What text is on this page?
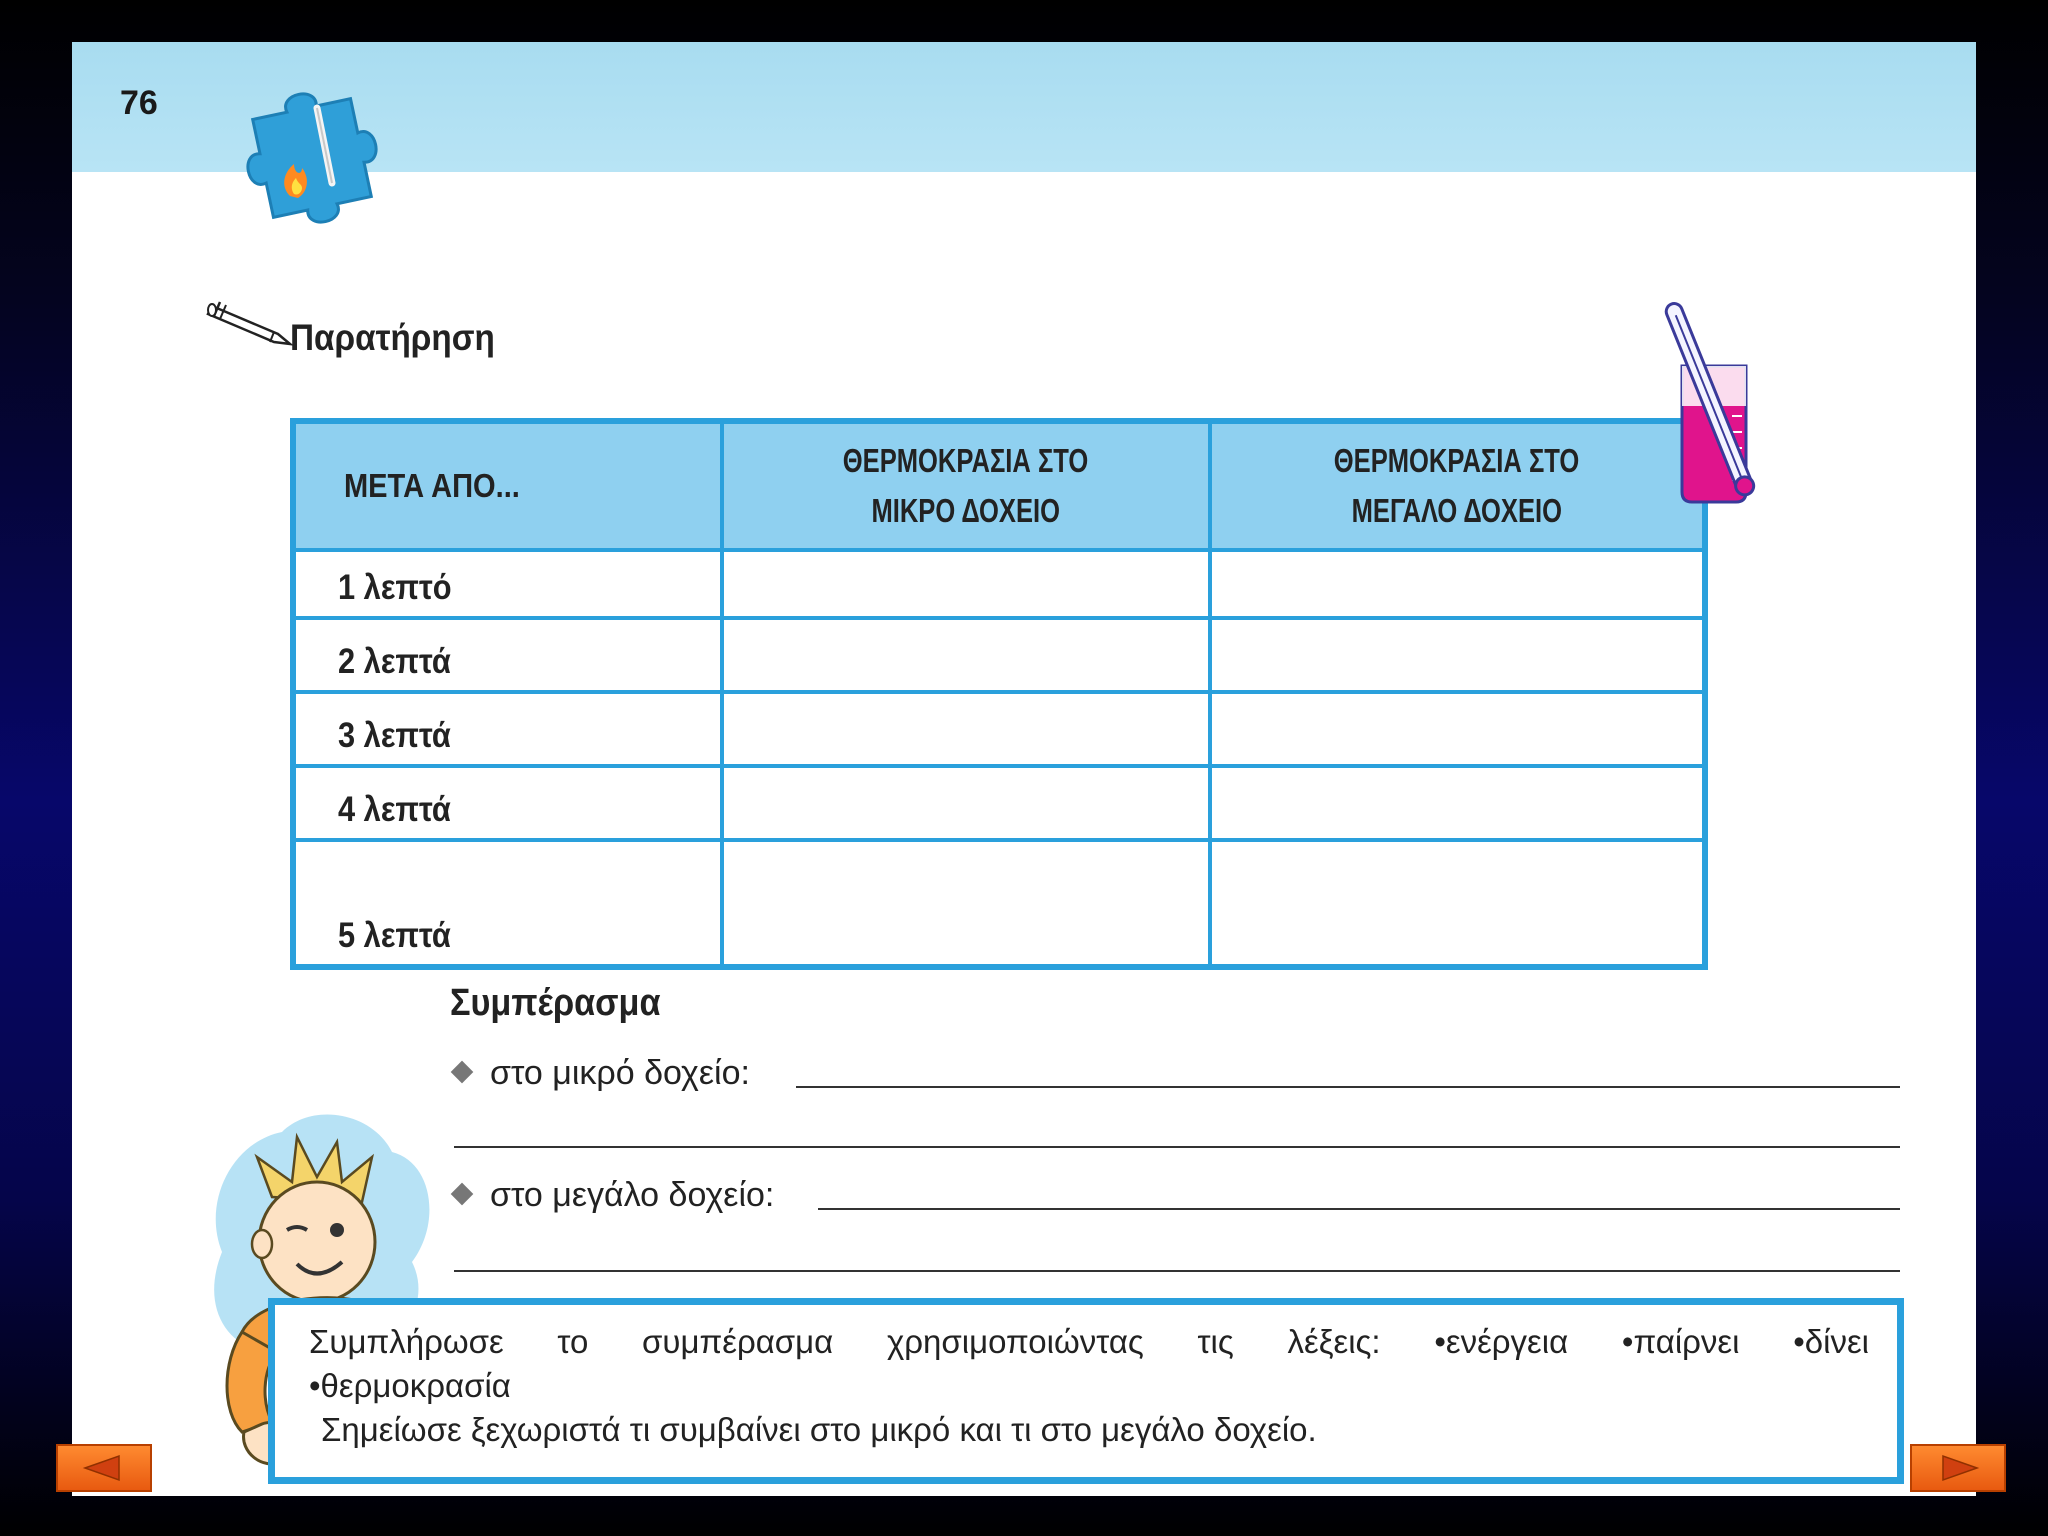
76
Παρατήρηση
ΜΕΤΑ ΑΠΟ...
ΘΕΡΜΟΚΡΑΣΙΑ ΣΤΟ
ΜΙΚΡΟ ΔΟΧΕΙΟ
ΘΕΡΜΟΚΡΑΣΙΑ ΣΤΟ
ΜΕΓΑΛΟ ΔΟΧΕΙΟ
1 λεπτό
2 λεπτά
3 λεπτά
4 λεπτά
5 λεπτά
Συμπέρασμα
στο μικρό δοχείο:
στο μεγάλο δοχείο:
Συμπλήρωσε το συμπέρασμα χρησιμοποιώντας τις λέξεις: •ενέργεια •παίρνει •δίνει
•θερμοκρασία
Σημείωσε ξεχωριστά τι συμβαίνει στο μικρό και τι στο μεγάλο δοχείο.
